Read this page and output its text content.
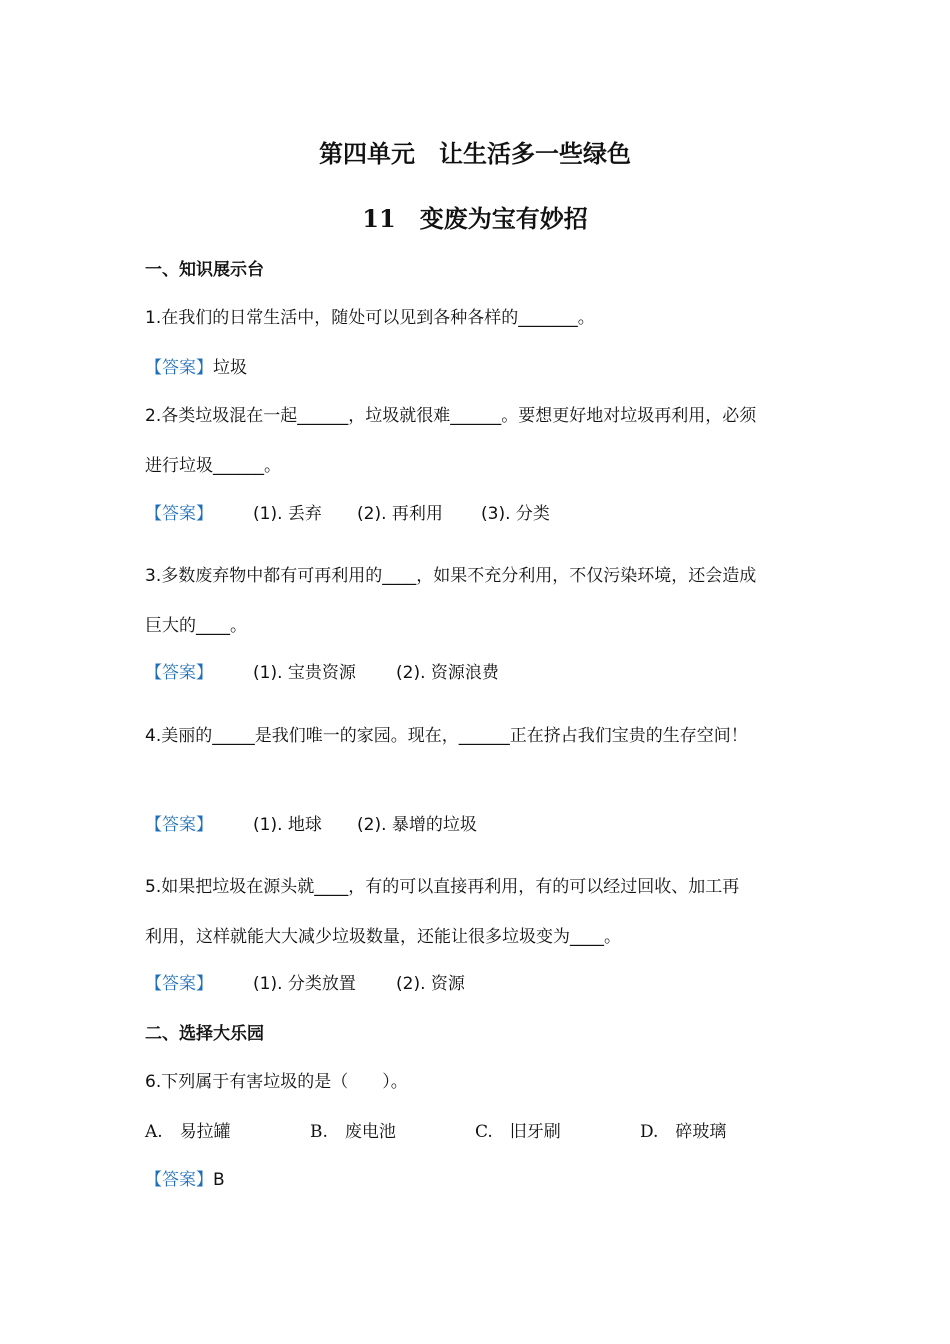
第四单元　让生活多一些绿色
11　变废为宝有妙招
一、知识展示台
1.在我们的日常生活中，随处可以见到各种各样的_______。
【答案】垃圾
2.各类垃圾混在一起______，垃圾就很难______。要想更好地对垃圾再利用，必须
进行垃圾______。
【答案】 (1). 丢弃 (2). 再利用 (3). 分类
3.多数废弃物中都有可再利用的____，如果不充分利用，不仅污染环境，还会造成
巨大的____。
【答案】 (1). 宝贵资源 (2). 资源浪费
4.美丽的_____是我们唯一的家园。现在，______正在挤占我们宝贵的生存空间！
【答案】 (1). 地球 (2). 暴增的垃圾
5.如果把垃圾在源头就____，有的可以直接再利用，有的可以经过回收、加工再
利用，这样就能大大减少垃圾数量，还能让很多垃圾变为____。
【答案】 (1). 分类放置 (2). 资源
二、选择大乐园
6.下列属于有害垃圾的是（　　）。
A.　易拉罐	B.　废电池	C.　旧牙刷	D.　碎玻璃
【答案】B
